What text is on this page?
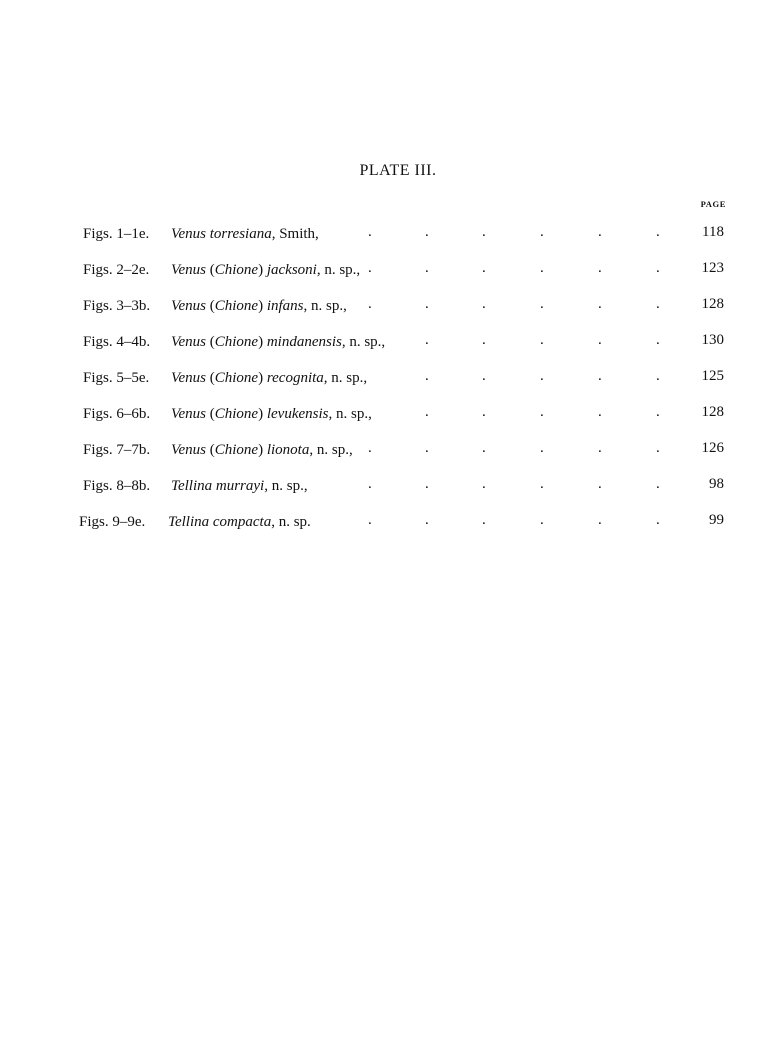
PLATE III.
PAGE
Figs. 1–1e. Venus torresiana, Smith,	.	.	.	.	.	.	118
Figs. 2–2e. Venus (Chione) jacksoni, n. sp., .	.	.	.	.	.	123
Figs. 3–3b. Venus (Chione) infans, n. sp., .	.	.	.	.	.	128
Figs. 4–4b. Venus (Chione) mindanensis, n. sp.,	.	.	.	.	.	130
Figs. 5–5e. Venus (Chione) recognita, n. sp.,	.	.	.	.	.	125
Figs. 6–6b. Venus (Chione) levukensis, n. sp.,	.	.	.	.	.	128
Figs. 7–7b. Venus (Chione) lionota, n. sp., .	.	.	.	.	.	126
Figs. 8–8b. Tellina murrayi, n. sp.,	.	.	.	.	.	.	98
Figs. 9–9e. Tellina compacta, n. sp.	.	.	.	.	.	.	99
